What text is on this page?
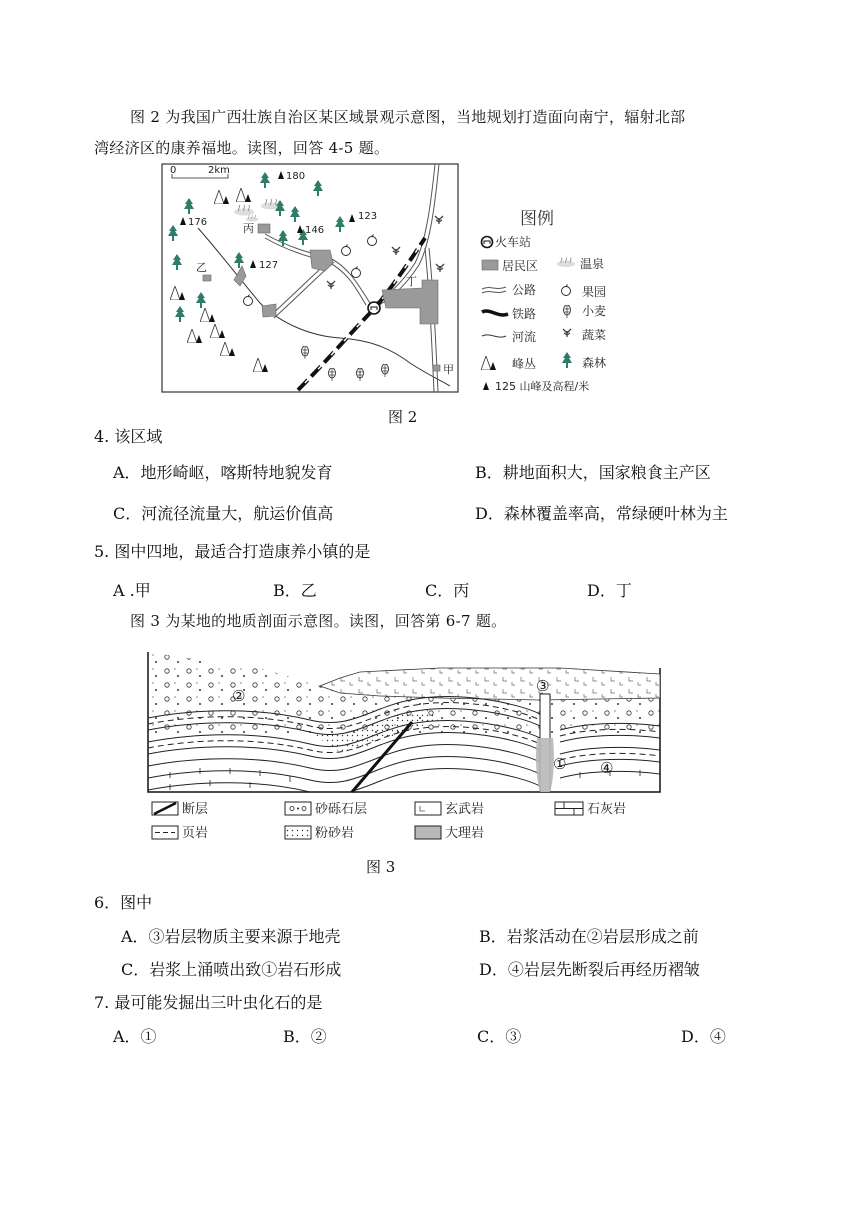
图 2 为我国广西壮族自治区某区域景观示意图，当地规划打造面向南宁，辐射北部
湾经济区的康养福地。读图，回答 4-5 题。
0	2km
180
176
146
123
127
丙
乙
丁
甲
图例
火车站
居民区	温泉
公路	果园
铁路	小麦
河流	蔬菜
峰丛	森林
125 山峰及高程/米
图 2
4. 该区域
A．地形崎岖，喀斯特地貌发育	B．耕地面积大，国家粮食主产区
C．河流径流量大，航运价值高	D．森林覆盖率高，常绿硬叶林为主
5. 图中四地，最适合打造康养小镇的是
A .甲	B．乙	C．丙	D．丁
图 3 为某地的地质剖面示意图。读图，回答第 6-7 题。
②
③
① ④
断层	砂砾石层	玄武岩	石灰岩
页岩	粉砂岩	大理岩
图 3
6．图中
A．③岩层物质主要来源于地壳	B．岩浆活动在②岩层形成之前
C．岩浆上涌喷出致①岩石形成	D．④岩层先断裂后再经历褶皱
7. 最可能发掘出三叶虫化石的是
A．①	B．②	C．③	D．④
